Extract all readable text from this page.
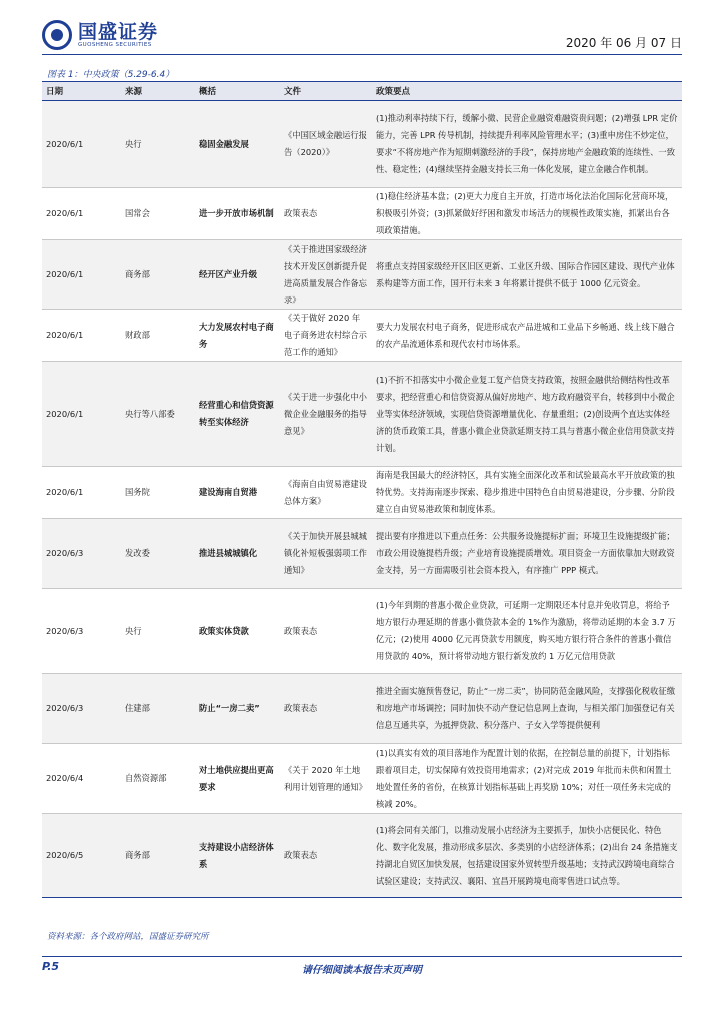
国盛证券
GUOSHENG SECURITIES	2020 年 06 月 07 日
图表 1：中央政策（5.29-6.4）
日期	来源	概括	文件	政策要点
2020/6/1	央行	稳固金融发展	《中国区域金融运行报告（2020）》	(1)推动利率持续下行，缓解小微、民营企业融资难融资贵问题；(2)增强 LPR 定价能力，完善 LPR 传导机制，持续提升利率风险管理水平；(3)重申房住不炒定位，要求“不将房地产作为短期刺激经济的手段”，保持房地产金融政策的连续性、一致性、稳定性；(4)继续坚持金融支持长三角一体化发展，建立金融合作机制。
2020/6/1	国常会	进一步开放市场机制	政策表态	(1)稳住经济基本盘；(2)更大力度自主开放，打造市场化法治化国际化营商环境，积极吸引外资；(3)抓紧做好纾困和激发市场活力的规模性政策实施，抓紧出台各项政策措施。
2020/6/1	商务部	经开区产业升级	《关于推进国家级经济技术开发区创新提升促进高质量发展合作备忘录》	将重点支持国家级经开区旧区更新、工业区升级、国际合作园区建设、现代产业体系构建等方面工作，国开行未来 3 年将累计提供不低于 1000 亿元资金。
2020/6/1	财政部	大力发展农村电子商务	《关于做好 2020 年电子商务进农村综合示范工作的通知》	要大力发展农村电子商务，促进形成农产品进城和工业品下乡畅通、线上线下融合的农产品流通体系和现代农村市场体系。
2020/6/1	央行等八部委	经营重心和信贷资源转至实体经济	《关于进一步强化中小微企业金融服务的指导意见》	(1)不折不扣落实中小微企业复工复产信贷支持政策，按照金融供给侧结构性改革要求，把经营重心和信贷资源从偏好房地产、地方政府融资平台，转移到中小微企业等实体经济领域，实现信贷资源增量优化、存量重组；(2)创设两个直达实体经济的货币政策工具，普惠小微企业贷款延期支持工具与普惠小微企业信用贷款支持计划。
2020/6/1	国务院	建设海南自贸港	《海南自由贸易港建设总体方案》	海南是我国最大的经济特区，具有实施全面深化改革和试验最高水平开放政策的独特优势。支持海南逐步探索、稳步推进中国特色自由贸易港建设，分步骤、分阶段建立自由贸易港政策和制度体系。
2020/6/3	发改委	推进县城城镇化	《关于加快开展县城城镇化补短板强弱项工作通知》	提出要有序推进以下重点任务：公共服务设施提标扩面；环境卫生设施提级扩能；市政公用设施提档升级；产业培育设施提质增效。项目资金一方面依靠加大财政资金支持，另一方面需吸引社会资本投入，有序推广 PPP 模式。
2020/6/3	央行	政策实体贷款	政策表态	(1)今年到期的普惠小微企业贷款，可延期一定期限还本付息并免收罚息，将给予地方银行办理延期的普惠小微贷款本金的 1%作为激励，将带动延期的本金 3.7 万亿元；(2)使用 4000 亿元再贷款专用额度，购买地方银行符合条件的普惠小微信用贷款的 40%，预计将带动地方银行新发放约 1 万亿元信用贷款
2020/6/3	住建部	防止“一房二卖”	政策表态	推进全面实施预售登记，防止“一房二卖”，协同防范金融风险，支撑强化税收征缴和房地产市场调控；同时加快不动产登记信息网上查询，与相关部门加强登记有关信息互通共享，为抵押贷款、积分落户、子女入学等提供便利
2020/6/4	自然资源部	对土地供应提出更高要求	《关于 2020 年土地利用计划管理的通知》	(1)以真实有效的项目落地作为配置计划的依据，在控制总量的前提下，计划指标跟着项目走，切实保障有效投资用地需求；(2)对完成 2019 年批而未供和闲置土地处置任务的省份，在核算计划指标基础上再奖励 10%；对任一项任务未完成的核减 20%。
2020/6/5	商务部	支持建设小店经济体系	政策表态	(1)将会同有关部门，以推动发展小店经济为主要抓手，加快小店便民化、特色化、数字化发展，推动形成多层次、多类别的小店经济体系；(2)出台 24 条措施支持湖北自贸区加快发展，包括建设国家外贸转型升级基地；支持武汉跨境电商综合试验区建设；支持武汉、襄阳、宜昌开展跨境电商零售进口试点等。
资料来源：各个政府网站，国盛证券研究所
P.5	请仔细阅读本报告末页声明
